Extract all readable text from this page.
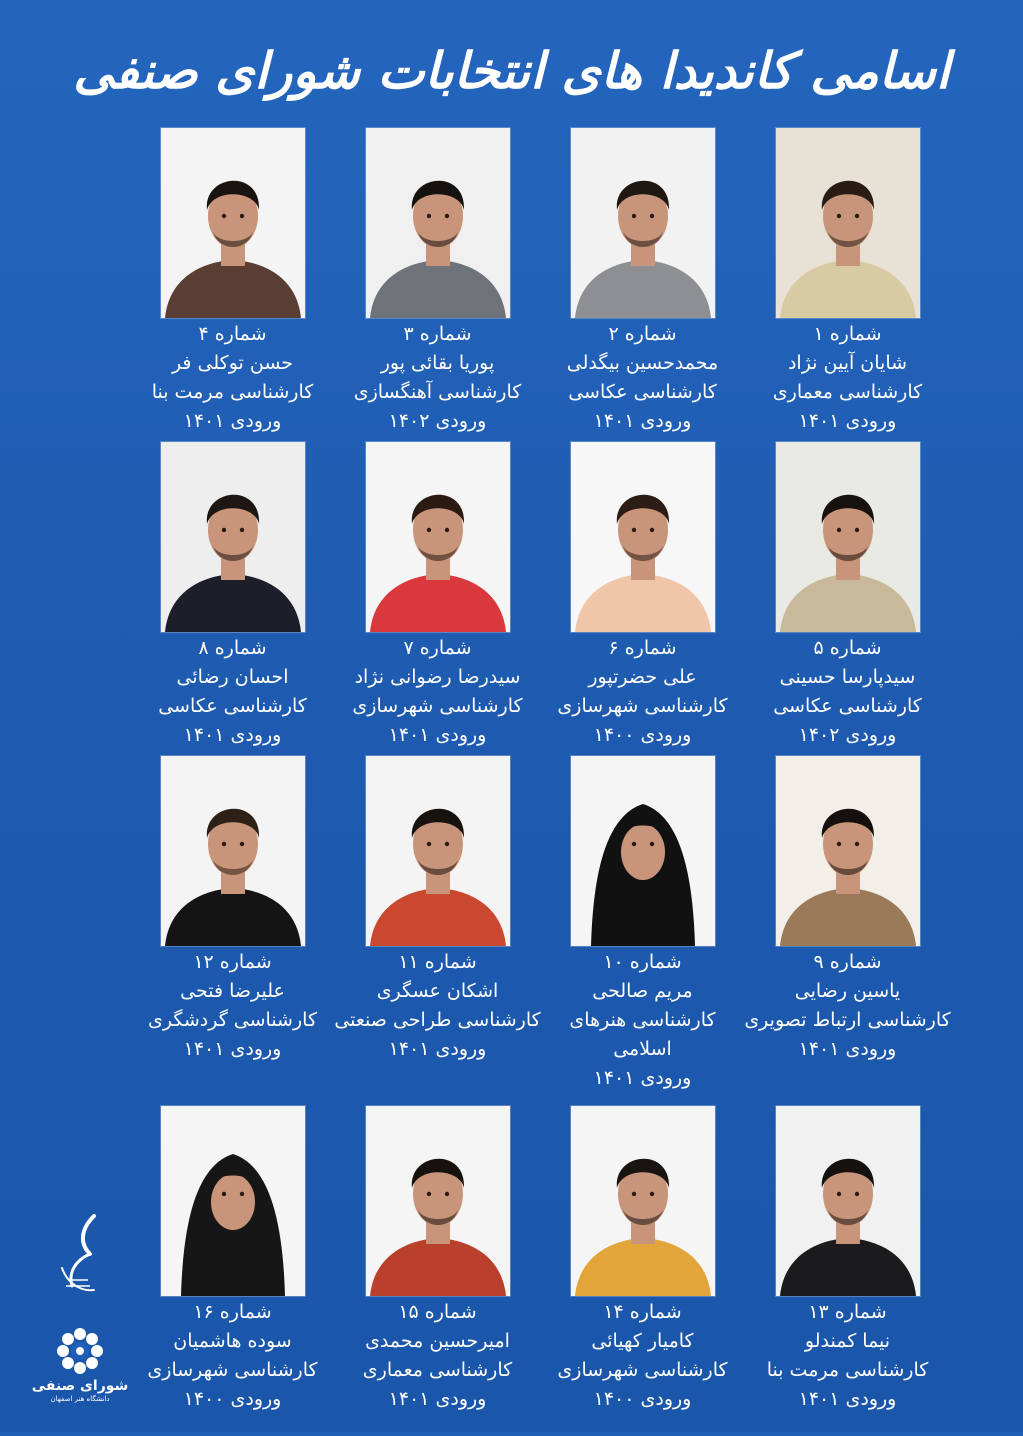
اسامی کاندیدا های انتخابات شورای صنفی
شماره ۱
شایان آیین نژاد
کارشناسی معماری
ورودی ۱۴۰۱
شماره ۲
محمدحسین بیگدلی
کارشناسی عکاسی
ورودی ۱۴۰۱
شماره ۳
پوریا بقائی پور
کارشناسی آهنگسازی
ورودی ۱۴۰۲
شماره ۴
حسن توکلی فر
کارشناسی مرمت بنا
ورودی ۱۴۰۱
شماره ۵
سیدپارسا حسینی
کارشناسی عکاسی
ورودی ۱۴۰۲
شماره ۶
علی حضرتپور
کارشناسی شهرسازی
ورودی ۱۴۰۰
شماره ۷
سیدرضا رضوانی نژاد
کارشناسی شهرسازی
ورودی ۱۴۰۱
شماره ۸
احسان رضائی
کارشناسی عکاسی
ورودی ۱۴۰۱
شماره ۹
یاسین رضایی
کارشناسی ارتباط تصویری
ورودی ۱۴۰۱
شماره ۱۰
مریم صالحی
کارشناسی هنرهای اسلامی
ورودی ۱۴۰۱
شماره ۱۱
اشکان عسگری
کارشناسی طراحی صنعتی
ورودی ۱۴۰۱
شماره ۱۲
علیرضا فتحی
کارشناسی گردشگری
ورودی ۱۴۰۱
شماره ۱۳
نیما کمندلو
کارشناسی مرمت بنا
ورودی ۱۴۰۱
شماره ۱۴
کامیار کهیائی
کارشناسی شهرسازی
ورودی ۱۴۰۰
شماره ۱۵
امیرحسین محمدی
کارشناسی معماری
ورودی ۱۴۰۱
شماره ۱۶
سوده هاشمیان
کارشناسی شهرسازی
ورودی ۱۴۰۰
شورای صنفی
دانشگاه هنر اصفهان
